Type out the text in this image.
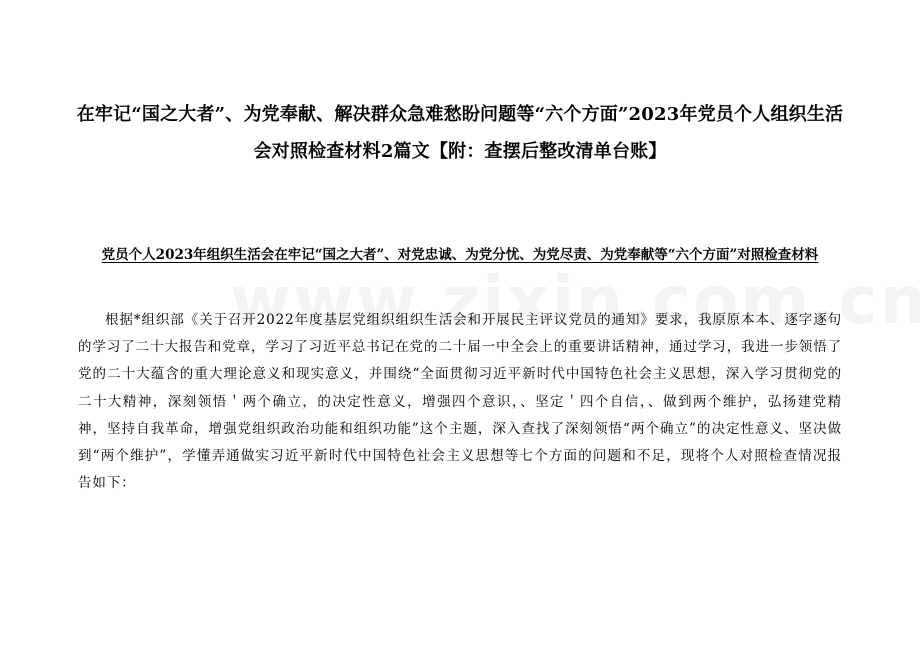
在牢记“国之大者”、为党奉献、解决群众急难愁盼问题等“六个方面”2023年党员个人组织生活会对照检查材料2篇文【附：查摆后整改清单台账】
党员个人2023年组织生活会在牢记“国之大者”、对党忠诚、为党分忧、为党尽责、为党奉献等“六个方面”对照检查材料

根据*组织部《关于召开2022年度基层党组织组织生活会和开展民主评议党员的通知》要求，我原原本本、逐字逐句的学习了二十大报告和党章，学习了习近平总书记在党的二十届一中全会上的重要讲话精神，通过学习，我进一步领悟了党的二十大蕴含的重大理论意义和现实意义，并围绕“全面贯彻习近平新时代中国特色社会主义思想，深入学习贯彻党的二十大精神，深刻领悟＇两个确立，的决定性意义，增强四个意识，、坚定＇四个自信，、做到两个维护，弘扬建党精神，坚持自我革命，增强党组织政治功能和组织功能”这个主题，深入查找了深刻领悟“两个确立”的决定性意义、坚决做到“两个维护”，学懂弄通做实习近平新时代中国特色社会主义思想等七个方面的问题和不足，现将个人对照检查情况报告如下：
